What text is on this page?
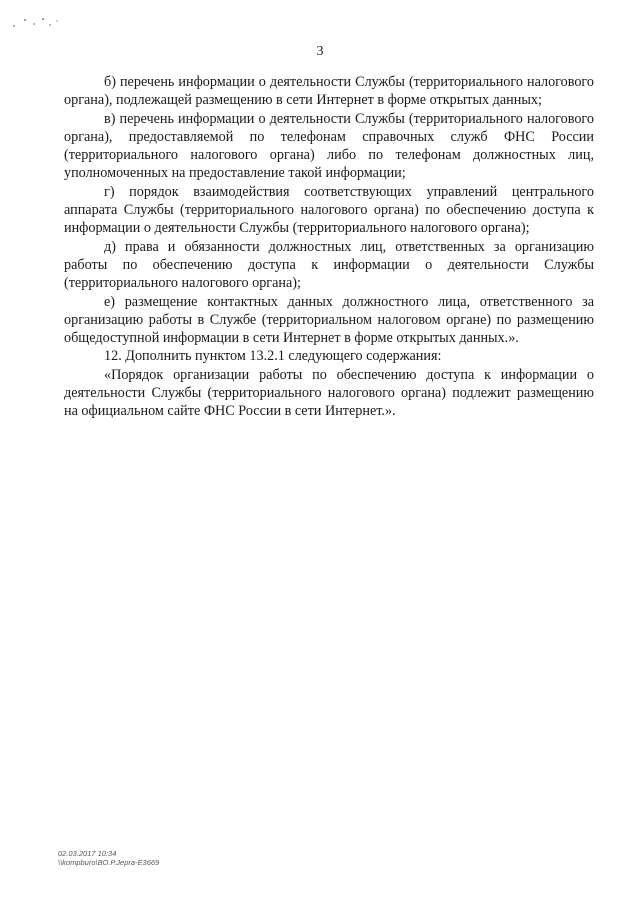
3

б) перечень информации о деятельности Службы (территориального налогового органа), подлежащей размещению в сети Интернет в форме открытых данных;

в) перечень информации о деятельности Службы (территориального налогового органа), предоставляемой по телефонам справочных служб ФНС России (территориального налогового органа) либо по телефонам должностных лиц, уполномоченных на предоставление такой информации;

г) порядок взаимодействия соответствующих управлений центрального аппарата Службы (территориального налогового органа) по обеспечению доступа к информации о деятельности Службы (территориального налогового органа);

д) права и обязанности должностных лиц, ответственных за организацию работы по обеспечению доступа к информации о деятельности Службы (территориального налогового органа);

е) размещение контактных данных должностного лица, ответственного за организацию работы в Службе (территориальном налоговом органе) по размещению общедоступной информации в сети Интернет в форме открытых данных.».

12. Дополнить пунктом 13.2.1 следующего содержания:

«Порядок организации работы по обеспечению доступа к информации о деятельности Службы (территориального налогового органа) подлежит размещению на официальном сайте ФНС России в сети Интернет.».

02.03.2017 10:34
\\kompburo\ВО.Р.Jepra-E3669
